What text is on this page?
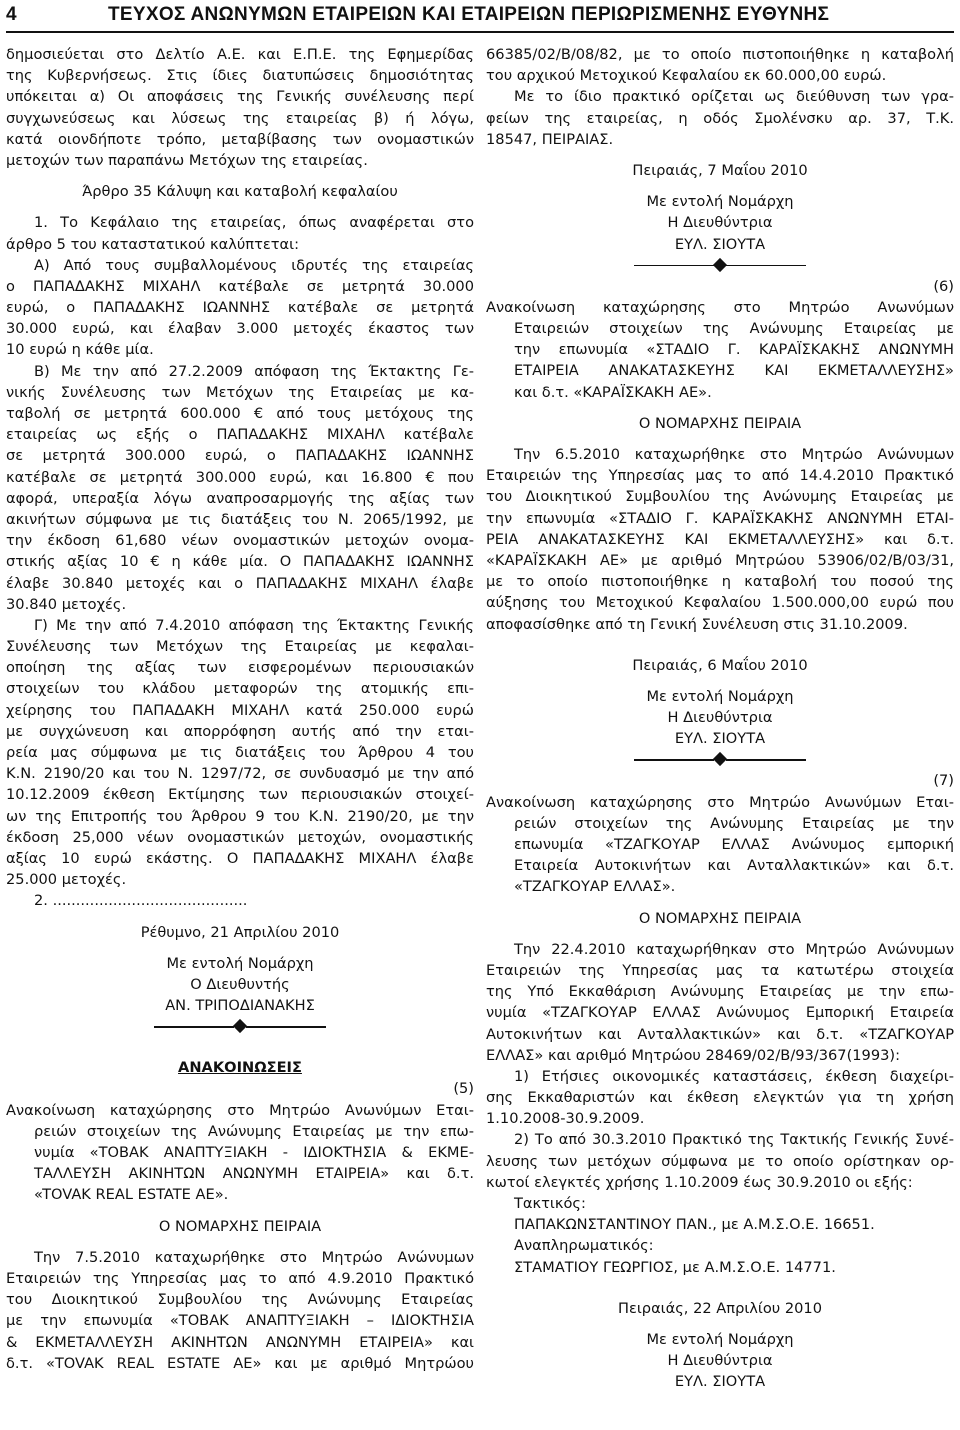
4	ΤΕΥΧΟΣ ΑΝΩΝΥΜΩΝ ΕΤΑΙΡΕΙΩΝ ΚΑΙ ΕΤΑΙΡΕΙΩΝ ΠΕΡΙΩΡΙΣΜΕΝΗΣ ΕΥΘΥΝΗΣ
δημοσιεύεται στο Δελτίο Α.Ε. και Ε.Π.Ε. της Εφημερίδας
της Κυβερνήσεως. Στις ίδιες διατυπώσεις δημοσιότητας
υπόκειται α) Οι αποφάσεις της Γενικής συνέλευσης περί
συγχωνεύσεως και λύσεως της εταιρείας β) ή λόγω,
κατά οιονδήποτε τρόπο, μεταβίβασης των ονομαστικών
μετοχών των παραπάνω Μετόχων της εταιρείας.
Άρθρο 35 Κάλυψη και καταβολή κεφαλαίου
1. Το Κεφάλαιο της εταιρείας, όπως αναφέρεται στο
άρθρο 5 του καταστατικού καλύπτεται:
Α) Από τους συμβαλλομένους ιδρυτές της εταιρείας
ο ΠΑΠΑΔΑΚΗΣ ΜΙΧΑΗΛ κατέβαλε σε μετρητά 30.000
ευρώ, ο ΠΑΠΑΔΑΚΗΣ ΙΩΑΝΝΗΣ κατέβαλε σε μετρητά
30.000 ευρώ, και έλαβαν 3.000 μετοχές έκαστος των
10 ευρώ η κάθε μία.
Β) Με την από 27.2.2009 απόφαση της Έκτακτης Γε-
νικής Συνέλευσης των Μετόχων της Εταιρείας με κα-
ταβολή σε μετρητά 600.000 € από τους μετόχους της
εταιρείας ως εξής ο ΠΑΠΑΔΑΚΗΣ ΜΙΧΑΗΛ κατέβαλε
σε μετρητά 300.000 ευρώ, ο ΠΑΠΑΔΑΚΗΣ ΙΩΑΝΝΗΣ
κατέβαλε σε μετρητά 300.000 ευρώ, και 16.800 € που
αφορά, υπεραξία λόγω αναπροσαρμογής της αξίας των
ακινήτων σύμφωνα με τις διατάξεις του Ν. 2065/1992, με
την έκδοση 61,680 νέων ονομαστικών μετοχών ονομα-
στικής αξίας 10 € η κάθε μία. Ο ΠΑΠΑΔΑΚΗΣ ΙΩΑΝΝΗΣ
έλαβε 30.840 μετοχές και ο ΠΑΠΑΔΑΚΗΣ ΜΙΧΑΗΛ έλαβε
30.840 μετοχές.
Γ) Με την από 7.4.2010 απόφαση της Έκτακτης Γενικής
Συνέλευσης των Μετόχων της Εταιρείας με κεφαλαι-
οποίηση της αξίας των εισφερομένων περιουσιακών
στοιχείων του κλάδου μεταφορών της ατομικής επι-
χείρησης του ΠΑΠΑΔΑΚΗ ΜΙΧΑΗΛ κατά 250.000 ευρώ
με συγχώνευση και απορρόφηση αυτής από την εται-
ρεία μας σύμφωνα με τις διατάξεις του Άρθρου 4 του
Κ.Ν. 2190/20 και του Ν. 1297/72, σε συνδυασμό με την από
10.12.2009 έκθεση Εκτίμησης των περιουσιακών στοιχεί-
ων της Επιτροπής του Άρθρου 9 του Κ.Ν. 2190/20, με την
έκδοση 25,000 νέων ονομαστικών μετοχών, ονομαστικής
αξίας 10 ευρώ εκάστης. Ο ΠΑΠΑΔΑΚΗΣ ΜΙΧΑΗΛ έλαβε
25.000 μετοχές.
2. ..........................................
Ρέθυμνο, 21 Απριλίου 2010
Με εντολή Νομάρχη
Ο Διευθυντής
ΑΝ. ΤΡΙΠΟΔΙΑΝΑΚΗΣ
ΑΝΑΚΟΙΝΩΣΕΙΣ
(5)
Ανακοίνωση καταχώρησης στο Μητρώο Ανωνύμων Εται-
ρειών στοιχείων της Ανώνυμης Εταιρείας με την επω-
νυμία «ΤΟΒΑΚ ΑΝΑΠΤΥΞΙΑΚΗ - ΙΔΙΟΚΤΗΣΙΑ & ΕΚΜΕ-
ΤΑΛΛΕΥΣΗ ΑΚΙΝΗΤΩΝ ΑΝΩΝΥΜΗ ΕΤΑΙΡΕΙΑ» και δ.τ.
«TOVAK REAL ESTATE AE».
Ο ΝΟΜΑΡΧΗΣ ΠΕΙΡΑΙΑ
Την 7.5.2010 καταχωρήθηκε στο Μητρώο Ανώνυμων
Εταιρειών της Υπηρεσίας μας το από 4.9.2010 Πρακτικό
του Διοικητικού Συμβουλίου της Ανώνυμης Εταιρείας
με την επωνυμία «ΤΟΒΑΚ ΑΝΑΠΤΥΞΙΑΚΗ – ΙΔΙΟΚΤΗΣΙΑ
& ΕΚΜΕΤΑΛΛΕΥΣΗ ΑΚΙΝΗΤΩΝ ΑΝΩΝΥΜΗ ΕΤΑΙΡΕΙΑ» και
δ.τ. «TOVAK REAL ESTATE AE» και με αριθμό Μητρώου
66385/02/Β/08/82, με το οποίο πιστοποιήθηκε η καταβολή
του αρχικού Μετοχικού Κεφαλαίου εκ 60.000,00 ευρώ.
Με το ίδιο πρακτικό ορίζεται ως διεύθυνση των γρα-
φείων της εταιρείας, η οδός Σμολένσκυ αρ. 37, Τ.Κ.
18547, ΠΕΙΡΑΙΑΣ.
Πειραιάς, 7 Μαΐου 2010
Με εντολή Νομάρχη
Η Διευθύντρια
ΕΥΛ. ΣΙΟΥΤΑ
(6)
Ανακοίνωση καταχώρησης στο Μητρώο Ανωνύμων
Εταιρειών στοιχείων της Ανώνυμης Εταιρείας με
την επωνυμία «ΣΤΑΔΙΟ Γ. ΚΑΡΑΪΣΚΑΚΗΣ ΑΝΩΝΥΜΗ
ΕΤΑΙΡΕΙΑ ΑΝΑΚΑΤΑΣΚΕΥΗΣ ΚΑΙ ΕΚΜΕΤΑΛΛΕΥΣΗΣ»
και δ.τ. «ΚΑΡΑΪΣΚΑΚΗ ΑΕ».
Ο ΝΟΜΑΡΧΗΣ ΠΕΙΡΑΙΑ
Την 6.5.2010 καταχωρήθηκε στο Μητρώο Ανώνυμων
Εταιρειών της Υπηρεσίας μας το από 14.4.2010 Πρακτικό
του Διοικητικού Συμβουλίου της Ανώνυμης Εταιρείας με
την επωνυμία «ΣΤΑΔΙΟ Γ. ΚΑΡΑΪΣΚΑΚΗΣ ΑΝΩΝΥΜΗ ΕΤΑΙ-
ΡΕΙΑ ΑΝΑΚΑΤΑΣΚΕΥΗΣ ΚΑΙ ΕΚΜΕΤΑΛΛΕΥΣΗΣ» και δ.τ.
«ΚΑΡΑΪΣΚΑΚΗ ΑΕ» με αριθμό Μητρώου 53906/02/Β/03/31,
με το οποίο πιστοποιήθηκε η καταβολή του ποσού της
αύξησης του Μετοχικού Κεφαλαίου 1.500.000,00 ευρώ που
αποφασίσθηκε από τη Γενική Συνέλευση στις 31.10.2009.
Πειραιάς, 6 Μαΐου 2010
Με εντολή Νομάρχη
Η Διευθύντρια
ΕΥΛ. ΣΙΟΥΤΑ
(7)
Ανακοίνωση καταχώρησης στο Μητρώο Ανωνύμων Εται-
ρειών στοιχείων της Ανώνυμης Εταιρείας με την
επωνυμία «ΤΖΑΓΚΟΥΑΡ ΕΛΛΑΣ Ανώνυμος εμπορική
Εταιρεία Αυτοκινήτων και Ανταλλακτικών» και δ.τ.
«ΤΖΑΓΚΟΥΑΡ ΕΛΛΑΣ».
Ο ΝΟΜΑΡΧΗΣ ΠΕΙΡΑΙΑ
Την 22.4.2010 καταχωρήθηκαν στο Μητρώο Ανώνυμων
Εταιρειών της Υπηρεσίας μας τα κατωτέρω στοιχεία
της Υπό Εκκαθάριση Ανώνυμης Εταιρείας με την επω-
νυμία «ΤΖΑΓΚΟΥΑΡ ΕΛΛΑΣ Ανώνυμος Εμπορική Εταιρεία
Αυτοκινήτων και Ανταλλακτικών» και δ.τ. «ΤΖΑΓΚΟΥΑΡ
ΕΛΛΑΣ» και αριθμό Μητρώου 28469/02/Β/93/367(1993):
1) Ετήσιες οικονομικές καταστάσεις, έκθεση διαχείρι-
σης Εκκαθαριστών και έκθεση ελεγκτών για τη χρήση
1.10.2008-30.9.2009.
2) Το από 30.3.2010 Πρακτικό της Τακτικής Γενικής Συνέ-
λευσης των μετόχων σύμφωνα με το οποίο ορίστηκαν ορ-
κωτοί ελεγκτές χρήσης 1.10.2009 έως 30.9.2010 οι εξής:
Τακτικός:
ΠΑΠΑΚΩΝΣΤΑΝΤΙΝΟΥ ΠΑΝ., με Α.Μ.Σ.Ο.Ε. 16651.
Αναπληρωματικός:
ΣΤΑΜΑΤΙΟΥ ΓΕΩΡΓΙΟΣ, με Α.Μ.Σ.Ο.Ε. 14771.
Πειραιάς, 22 Απριλίου 2010
Με εντολή Νομάρχη
Η Διευθύντρια
ΕΥΛ. ΣΙΟΥΤΑ
